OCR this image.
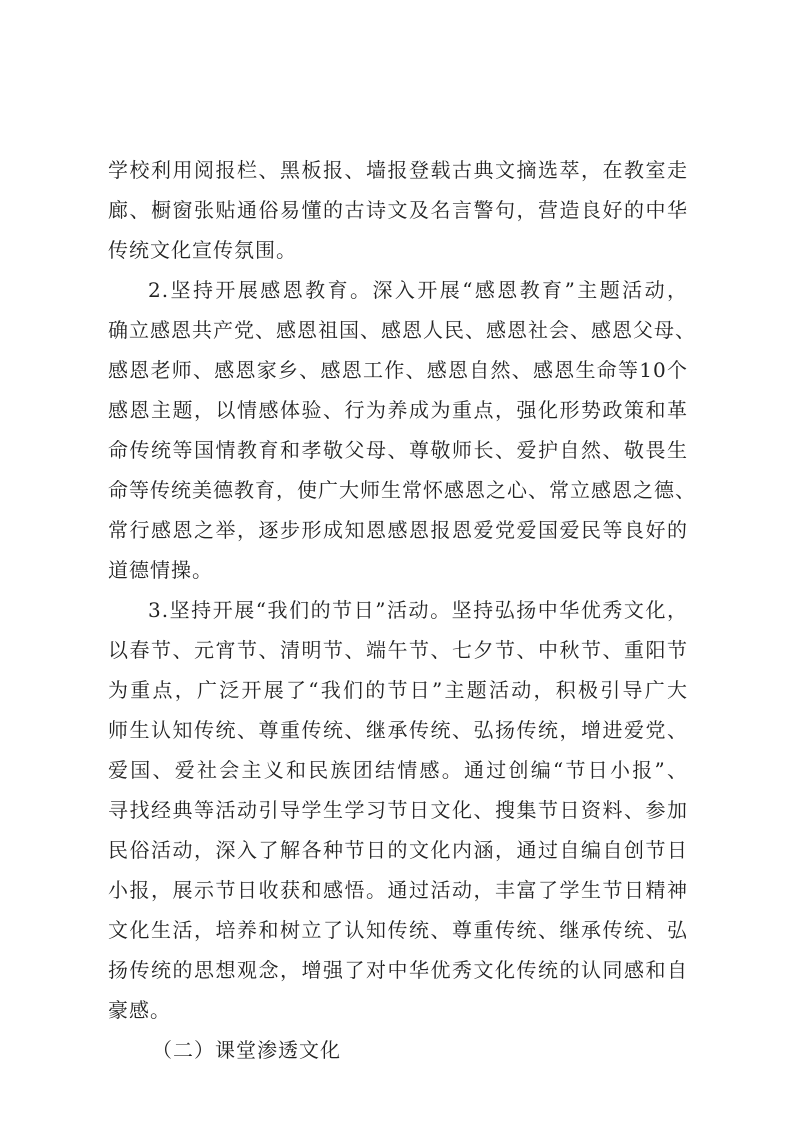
学校利用阅报栏、黑板报、墙报登载古典文摘选萃，在教室走
廊、橱窗张贴通俗易懂的古诗文及名言警句，营造良好的中华
传统文化宣传氛围。
2.坚持开展感恩教育。深入开展“感恩教育”主题活动，
确立感恩共产党、感恩祖国、感恩人民、感恩社会、感恩父母、
感恩老师、感恩家乡、感恩工作、感恩自然、感恩生命等10个
感恩主题，以情感体验、行为养成为重点，强化形势政策和革
命传统等国情教育和孝敬父母、尊敬师长、爱护自然、敬畏生
命等传统美德教育，使广大师生常怀感恩之心、常立感恩之德、
常行感恩之举，逐步形成知恩感恩报恩爱党爱国爱民等良好的
道德情操。
3.坚持开展“我们的节日”活动。坚持弘扬中华优秀文化，
以春节、元宵节、清明节、端午节、七夕节、中秋节、重阳节
为重点，广泛开展了“我们的节日”主题活动，积极引导广大
师生认知传统、尊重传统、继承传统、弘扬传统，增进爱党、
爱国、爱社会主义和民族团结情感。通过创编“节日小报”、
寻找经典等活动引导学生学习节日文化、搜集节日资料、参加
民俗活动，深入了解各种节日的文化内涵，通过自编自创节日
小报，展示节日收获和感悟。通过活动，丰富了学生节日精神
文化生活，培养和树立了认知传统、尊重传统、继承传统、弘
扬传统的思想观念，增强了对中华优秀文化传统的认同感和自
豪感。
（二）课堂渗透文化
